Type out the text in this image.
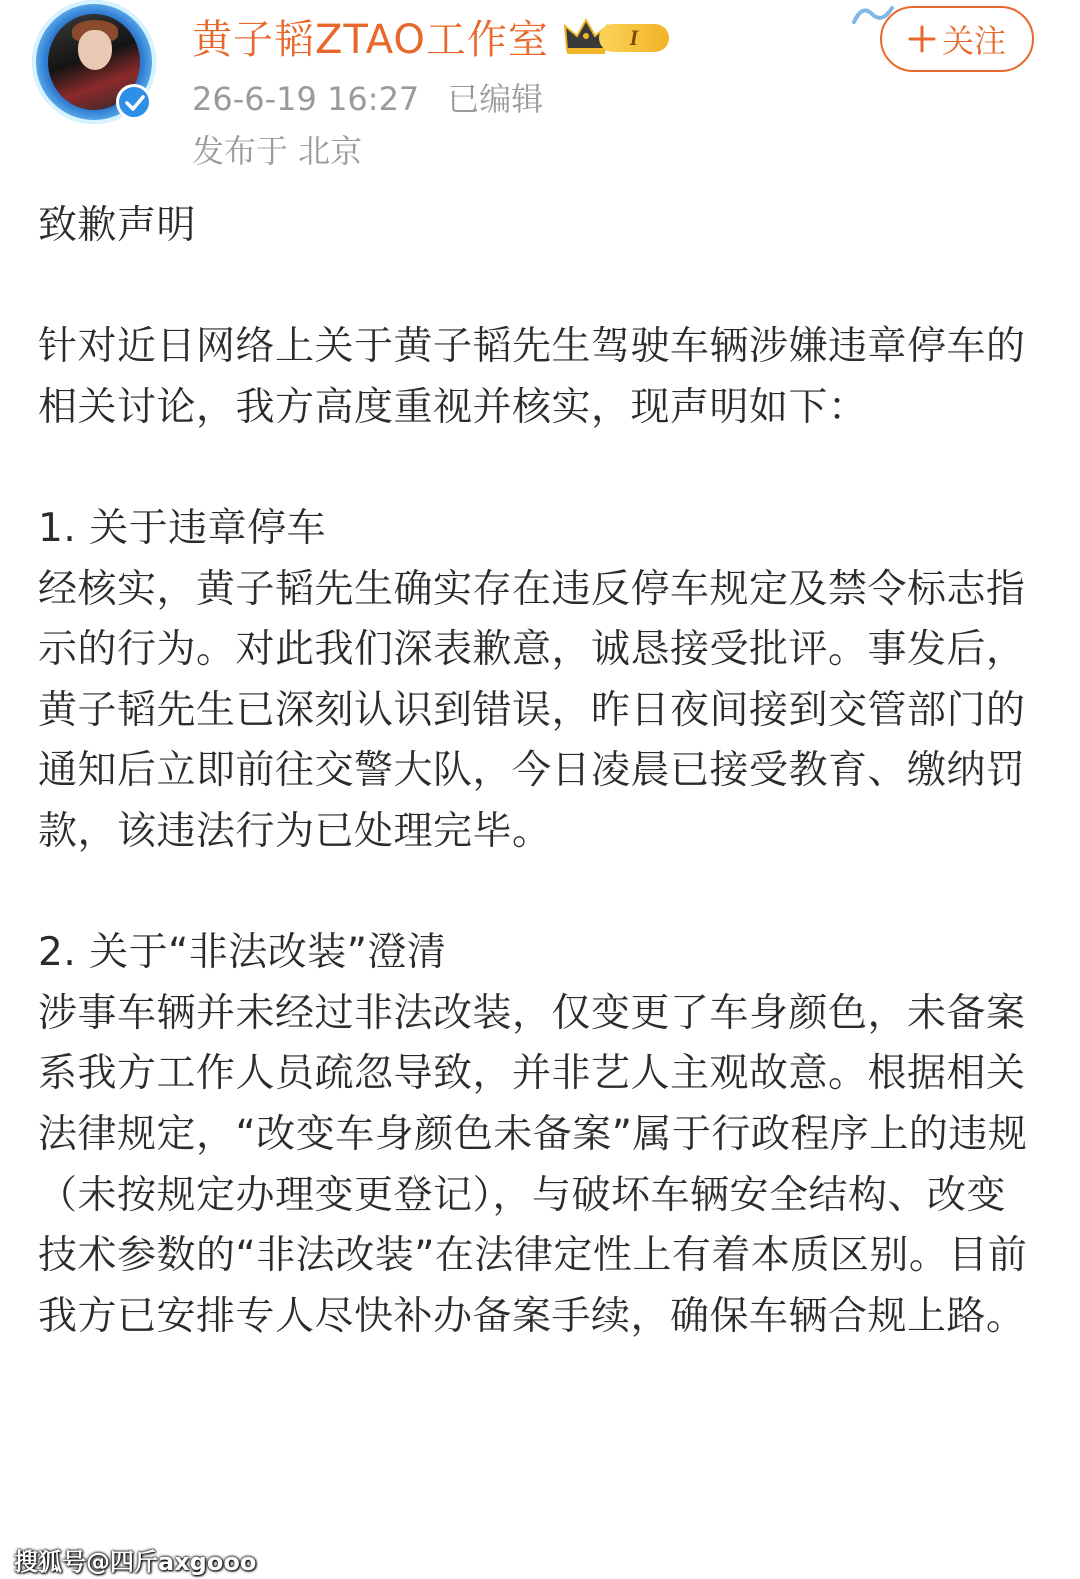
黄子韬ZTAO工作室	I
26-6-19 16:27 已编辑
发布于 北京
关注

致歉声明

针对近日网络上关于黄子韬先生驾驶车辆涉嫌违章停车的相关讨论，我方高度重视并核实，现声明如下：

1. 关于违章停车

经核实，黄子韬先生确实存在违反停车规定及禁令标志指示的行为。对此我们深表歉意，诚恳接受批评。事发后，黄子韬先生已深刻认识到错误，昨日夜间接到交管部门的通知后立即前往交警大队，今日凌晨已接受教育、缴纳罚款，该违法行为已处理完毕。

2. 关于“非法改装”澄清

涉事车辆并未经过非法改装，仅变更了车身颜色，未备案系我方工作人员疏忽导致，并非艺人主观故意。根据相关法律规定，“改变车身颜色未备案”属于行政程序上的违规（未按规定办理变更登记），与破坏车辆安全结构、改变技术参数的“非法改装”在法律定性上有着本质区别。目前我方已安排专人尽快补办备案手续，确保车辆合规上路。

搜狐号@四斤axgooo
